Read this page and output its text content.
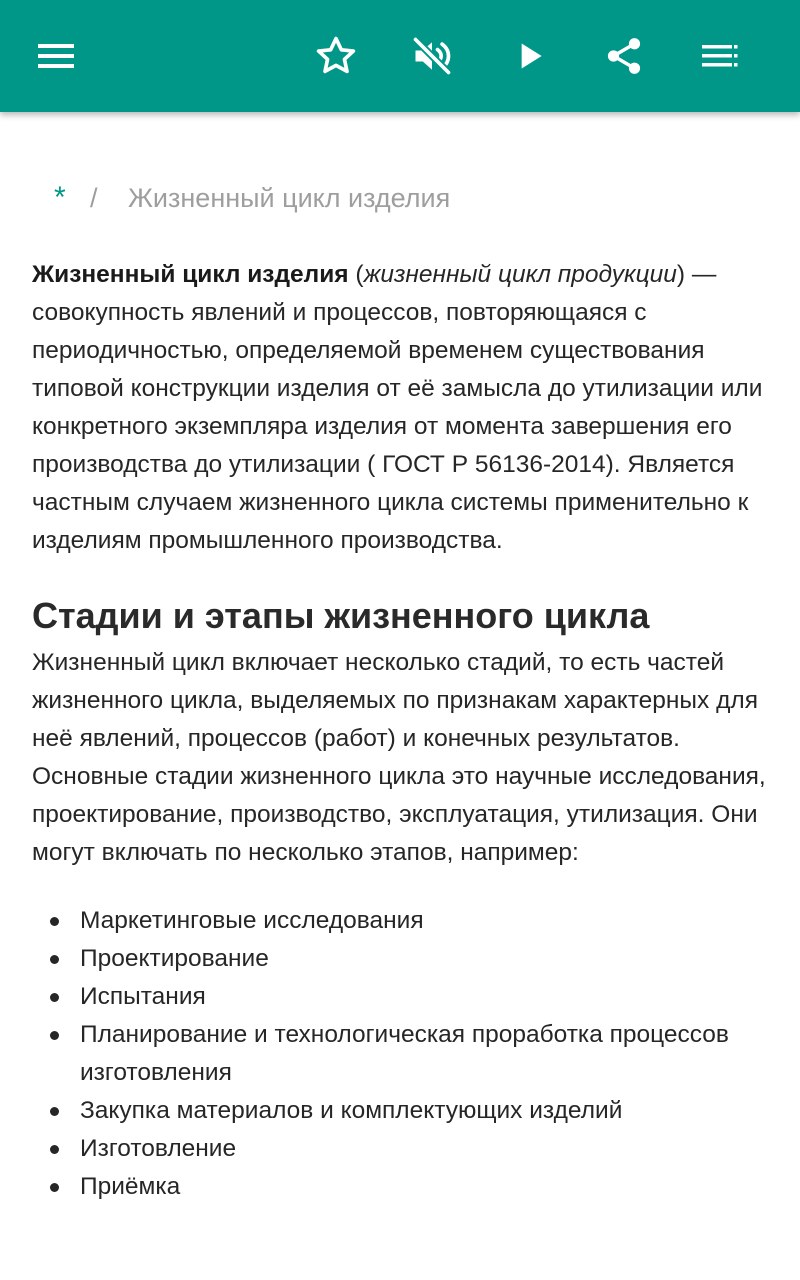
* / Жизненный цикл изделия

Жизненный цикл изделия (жизненный цикл продукции) — совокупность явлений и процессов, повторяющаяся с периодичностью, определяемой временем существования типовой конструкции изделия от её замысла до утилизации или конкретного экземпляра изделия от момента завершения его производства до утилизации ( ГОСТ Р 56136-2014). Является частным случаем жизненного цикла системы применительно к изделиям промышленного производства.

Стадии и этапы жизненного цикла

Жизненный цикл включает несколько стадий, то есть частей жизненного цикла, выделяемых по признакам характерных для неё явлений, процессов (работ) и конечных результатов. Основные стадии жизненного цикла это научные исследования, проектирование, производство, эксплуатация, утилизация. Они могут включать по несколько этапов, например:

Маркетинговые исследования
Проектирование
Испытания
Планирование и технологическая проработка процессов изготовления
Закупка материалов и комплектующих изделий
Изготовление
Приёмка
